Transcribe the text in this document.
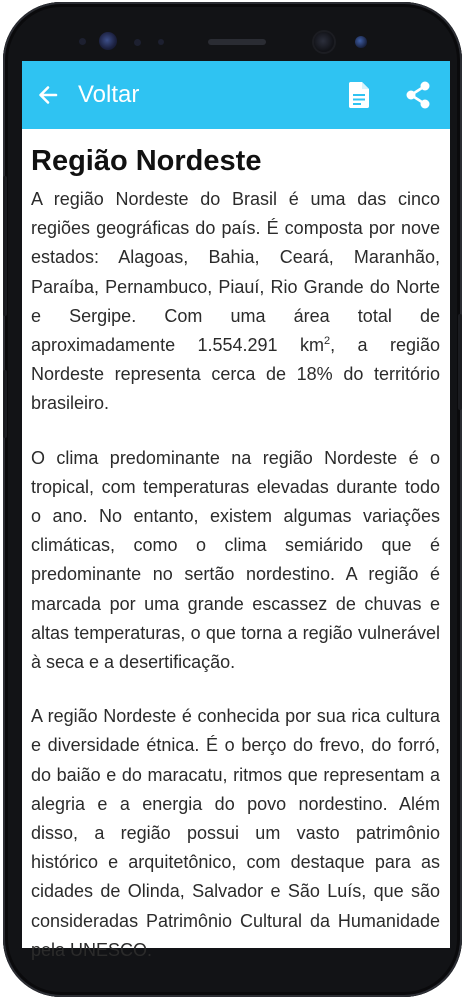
Voltar
Região Nordeste

A região Nordeste do Brasil é uma das cinco regiões geográficas do país. É composta por nove estados: Alagoas, Bahia, Ceará, Maranhão, Paraíba, Pernambuco, Piauí, Rio Grande do Norte e Sergipe. Com uma área total de aproximadamente 1.554.291 $km^2$, a região Nordeste representa cerca de 18% do território brasileiro.

O clima predominante na região Nordeste é o tropical, com temperaturas elevadas durante todo o ano. No entanto, existem algumas variações climáticas, como o clima semiárido que é predominante no sertão nordestino. A região é marcada por uma grande escassez de chuvas e altas temperaturas, o que torna a região vulnerável à seca e a desertificação.

A região Nordeste é conhecida por sua rica cultura e diversidade étnica. É o berço do frevo, do forró, do baião e do maracatu, ritmos que representam a alegria e a energia do povo nordestino. Além disso, a região possui um vasto patrimônio histórico e arquitetônico, com destaque para as cidades de Olinda, Salvador e São Luís, que são consideradas Patrimônio Cultural da Humanidade pela UNESCO.
